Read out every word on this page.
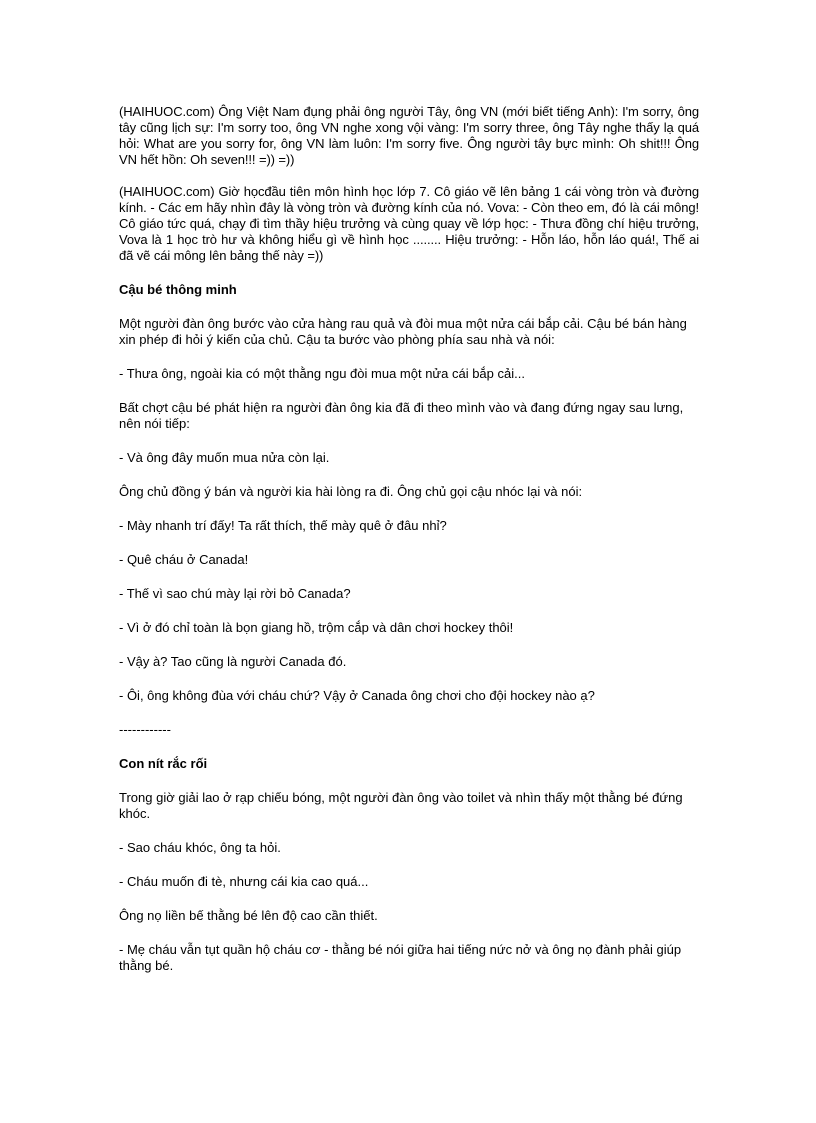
(HAIHUOC.com) Ông Việt Nam đụng phải ông người Tây, ông VN (mới biết tiếng Anh): I'm sorry, ông tây cũng lịch sự: I'm sorry too, ông VN nghe xong vội vàng: I'm sorry three, ông Tây nghe thấy lạ quá hỏi: What are you sorry for, ông VN làm luôn: I'm sorry five. Ông người tây bực mình: Oh shit!!! Ông VN hết hồn: Oh seven!!! =)) =))

(HAIHUOC.com) Giờ họcđầu tiên môn hình học lớp 7. Cô giáo vẽ lên bảng 1 cái vòng tròn và đường kính. - Các em hãy nhìn đây là vòng tròn và đường kính của nó. Vova: - Còn theo em, đó là cái mông! Cô giáo tức quá, chạy đi tìm thầy hiệu trưởng và cùng quay về lớp học: - Thưa đồng chí hiệu trưởng, Vova là 1 học trò hư và không hiểu gì về hình học ........ Hiệu trưởng: - Hỗn láo, hỗn láo quá!, Thế ai đã vẽ cái mông lên bảng thế này =))

Cậu bé thông minh

Một người đàn ông bước vào cửa hàng rau quả và đòi mua một nửa cái bắp cải. Cậu bé bán hàng xin phép đi hỏi ý kiến của chủ. Cậu ta bước vào phòng phía sau nhà và nói:

- Thưa ông, ngoài kia có một thằng ngu đòi mua một nửa cái bắp cải...

Bất chợt cậu bé phát hiện ra người đàn ông kia đã đi theo mình vào và đang đứng ngay sau lưng, nên nói tiếp:

- Và ông đây muốn mua nửa còn lại.

Ông chủ đồng ý bán và người kia hài lòng ra đi. Ông chủ gọi cậu nhóc lại và nói:

- Mày nhanh trí đấy! Ta rất thích, thế mày quê ở đâu nhỉ?

- Quê cháu ở Canada!

- Thế vì sao chú mày lại rời bỏ Canada?

- Vì ở đó chỉ toàn là bọn giang hồ, trộm cắp và dân chơi hockey thôi!

- Vậy à? Tao cũng là người Canada đó.

- Ôi, ông không đùa với cháu chứ? Vậy ở Canada ông chơi cho đội hockey nào ạ?

------------
Con nít rắc rối

Trong giờ giải lao ở rạp chiếu bóng, một người đàn ông vào toilet và nhìn thấy một thằng bé đứng khóc.

- Sao cháu khóc, ông ta hỏi.

- Cháu muốn đi tè, nhưng cái kia cao quá...

Ông nọ liền bế thằng bé lên độ cao cần thiết.

- Mẹ cháu vẫn tụt quần hộ cháu cơ - thằng bé nói giữa hai tiếng nức nở và ông nọ đành phải giúp thằng bé.
